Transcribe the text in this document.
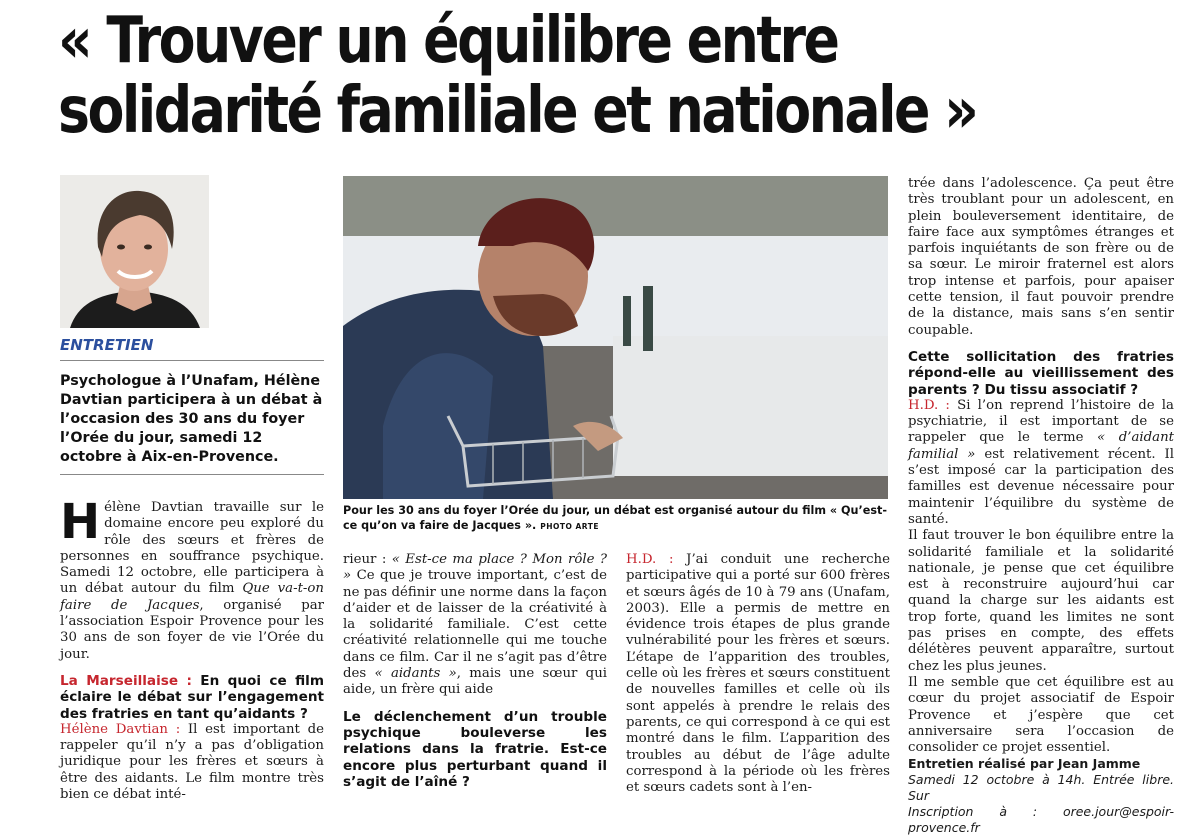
« Trouver un équilibre entre
solidarité familiale et nationale »
ENTRETIEN

Psychologue à l’Unafam, Hélène Davtian participera à un débat à l’occasion des 30 ans du foyer l’Orée du jour, samedi 12 octobre à Aix-en-Provence.

Pour les 30 ans du foyer l’Orée du jour, un débat est organisé autour du film « Qu’est-ce qu’on va faire de Jacques ». PHOTO ARTE

Hélène Davtian travaille sur le domaine encore peu exploré du rôle des sœurs et frères de personnes en souffrance psychique. Samedi 12 octobre, elle participera à un débat autour du film Que va-t-on faire de Jacques, organisé par l’association Espoir Provence pour les 30 ans de son foyer de vie l’Orée du jour.

La Marseillaise : En quoi ce film éclaire le débat sur l’engagement des fratries en tant qu’aidants ?

Hélène Davtian : Il est important de rappeler qu’il n’y a pas d’obligation juridique pour les frères et sœurs à être des aidants. Le film montre très bien ce débat inté-

rieur : « Est-ce ma place ? Mon rôle ? » Ce que je trouve important, c’est de ne pas définir une norme dans la façon d’aider et de laisser de la créativité à la solidarité familiale. C’est cette créativité relationnelle qui me touche dans ce film. Car il ne s’agit pas d’être des « aidants », mais une sœur qui aide, un frère qui aide

Le déclenchement d’un trouble psychique bouleverse les relations dans la fratrie. Est-ce encore plus perturbant quand il s’agit de l’aîné ?

H.D. : J’ai conduit une recherche participative qui a porté sur 600 frères et sœurs âgés de 10 à 79 ans (Unafam, 2003). Elle a permis de mettre en évidence trois étapes de plus grande vulnérabilité pour les frères et sœurs. L’étape de l’apparition des troubles, celle où les frères et sœurs constituent de nouvelles familles et celle où ils sont appelés à prendre le relais des parents, ce qui correspond à ce qui est montré dans le film. L’apparition des troubles au début de l’âge adulte correspond à la période où les frères et sœurs cadets sont à l’en-

trée dans l’adolescence. Ça peut être très troublant pour un adolescent, en plein bouleversement identitaire, de faire face aux symptômes étranges et parfois inquiétants de son frère ou de sa sœur. Le miroir fraternel est alors trop intense et parfois, pour apaiser cette tension, il faut pouvoir prendre de la distance, mais sans s’en sentir coupable.

Cette sollicitation des fratries répond-elle au vieillissement des parents ? Du tissu associatif ?

H.D. : Si l’on reprend l’histoire de la psychiatrie, il est important de se rappeler que le terme « d’aidant familial » est relativement récent. Il s’est imposé car la participation des familles est devenue nécessaire pour maintenir l’équilibre du système de santé.

Il faut trouver le bon équilibre entre la solidarité familiale et la solidarité nationale, je pense que cet équilibre est à reconstruire aujourd’hui car quand la charge sur les aidants est trop forte, quand les limites ne sont pas prises en compte, des effets délétères peuvent apparaître, surtout chez les plus jeunes.

Il me semble que cet équilibre est au cœur du projet associatif de Espoir Provence et j’espère que cet anniversaire sera l’occasion de consolider ce projet essentiel.

Entretien réalisé par Jean Jamme

Samedi 12 octobre à 14h. Entrée libre. Sur

Inscription à : oree.jour@espoir-provence.fr
